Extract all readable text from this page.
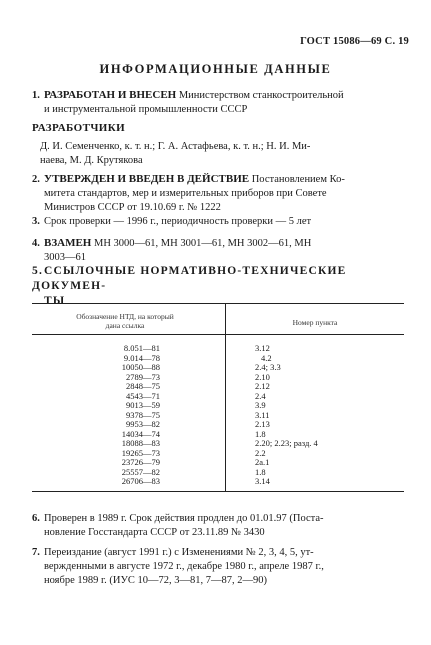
ГОСТ 15086—69 С. 19
ИНФОРМАЦИОННЫЕ ДАННЫЕ
1. РАЗРАБОТАН И ВНЕСЕН Министерством станкостроительной
и инструментальной промышленности СССР
РАЗРАБОТЧИКИ
Д. И. Семенченко, к. т. н.; Г. А. Астафьева, к. т. н.; Н. И. Ми-
наева, М. Д. Крутякова
2. УТВЕРЖДЕН И ВВЕДЕН В ДЕЙСТВИЕ Постановлением Ко-
митета стандартов, мер и измерительных приборов при Совете
Министров СССР от 19.10.69 г. № 1222
3. Срок проверки — 1996 г., периодичность проверки — 5 лет
4. ВЗАМЕН МН 3000—61, МН 3001—61, МН 3002—61, МН
3003—61
5.ССЫЛОЧНЫЕ НОРМАТИВНО-ТЕХНИЧЕСКИЕ ДОКУМЕН-
ТЫ
Обозначение НТД, на который
дана ссылка	Номер пункта
8.051—81
9.014—78
10050—88
2789—73
2848—75
4543—71
9013—59
9378—75
9953—82
14034—74
18088—83
19265—73
23726—79
25557—82
26706—83
3.12
4.2
2.4; 3.3
2.10
2.12
2.4
3.9
3.11
2.13
1.8
2.20; 2.23; разд. 4
2.2
2a.1
1.8
3.14
6. Проверен в 1989 г. Срок действия продлен до 01.01.97 (Поста-
новление Госстандарта СССР от 23.11.89 № 3430
7. Переиздание (август 1991 г.) с Изменениями № 2, 3, 4, 5, ут-
вержденными в августе 1972 г., декабре 1980 г., апреле 1987 г.,
ноябре 1989 г. (ИУС 10—72, 3—81, 7—87, 2—90)
